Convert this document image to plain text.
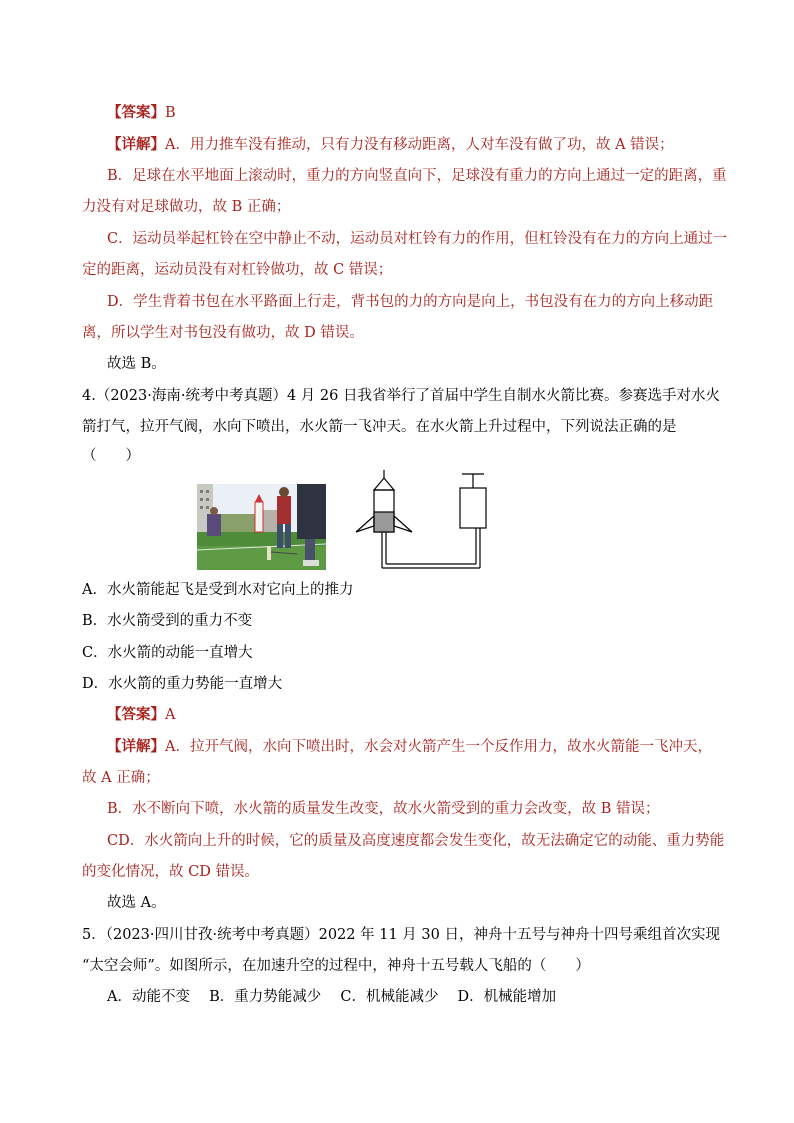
【答案】B
【详解】A．用力推车没有推动，只有力没有移动距离，人对车没有做了功，故 A 错误；
B．足球在水平地面上滚动时，重力的方向竖直向下，足球没有重力的方向上通过一定的距离，重
力没有对足球做功，故 B 正确；
C．运动员举起杠铃在空中静止不动，运动员对杠铃有力的作用，但杠铃没有在力的方向上通过一
定的距离，运动员没有对杠铃做功，故 C 错误；
D．学生背着书包在水平路面上行走，背书包的力的方向是向上，书包没有在力的方向上移动距
离，所以学生对书包没有做功，故 D 错误。
故选 B。
4.（2023·海南·统考中考真题）4 月 26 日我省举行了首届中学生自制水火箭比赛。参赛选手对水火
箭打气，拉开气阀，水向下喷出，水火箭一飞冲天。在水火箭上升过程中，下列说法正确的是
（　　）
A．水火箭能起飞是受到水对它向上的推力
B．水火箭受到的重力不变
C．水火箭的动能一直增大
D．水火箭的重力势能一直增大
【答案】A
【详解】A．拉开气阀，水向下喷出时，水会对火箭产生一个反作用力，故水火箭能一飞冲天，
故 A 正确；
B．水不断向下喷，水火箭的质量发生改变，故水火箭受到的重力会改变，故 B 错误；
CD．水火箭向上升的时候，它的质量及高度速度都会发生变化，故无法确定它的动能、重力势能
的变化情况，故 CD 错误。
故选 A。
5．（2023·四川甘孜·统考中考真题）2022 年 11 月 30 日，神舟十五号与神舟十四号乘组首次实现
“太空会师”。如图所示，在加速升空的过程中，神舟十五号载人飞船的（　　）
A．动能不变　 B．重力势能减少　 C．机械能减少　 D．机械能增加
